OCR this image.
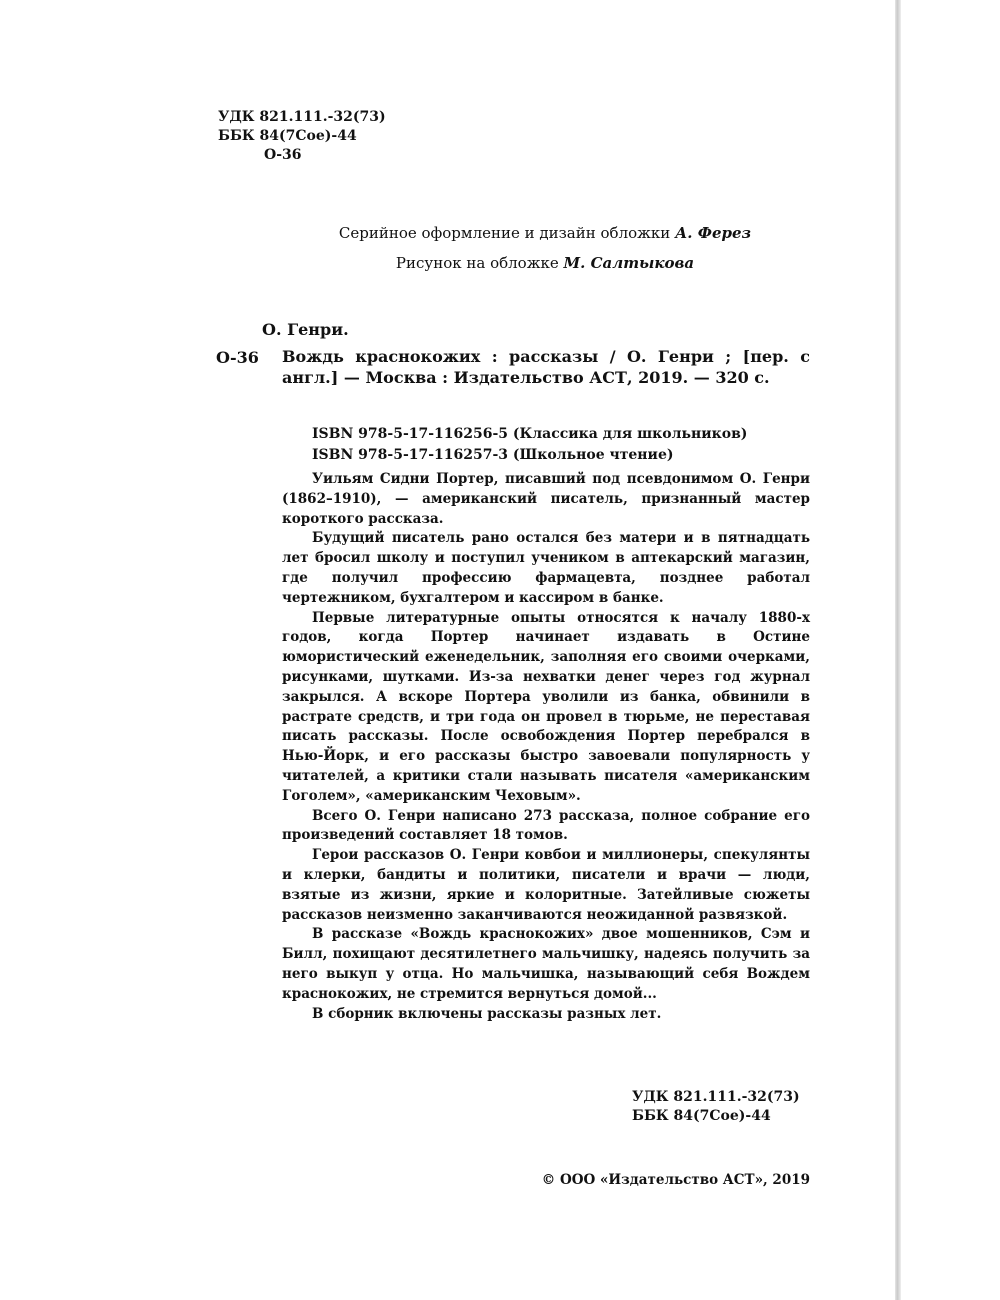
УДК 821.111.-32(73)
ББК 84(7Coe)-44
О-36
Серийное оформление и дизайн обложки А. Ферез
Рисунок на обложке М. Салтыкова
О. Генри.
О-36 Вождь краснокожих : рассказы / О. Генри ; [пер. с англ.] — Москва : Издательство АСТ, 2019. — 320 с.
ISBN 978-5-17-116256-5 (Классика для школьников)
ISBN 978-5-17-116257-3 (Школьное чтение)

Уильям Сидни Портер, писавший под псевдонимом О. Генри (1862–1910), — американский писатель, признанный мастер короткого рассказа.

Будущий писатель рано остался без матери и в пятнадцать лет бросил школу и поступил учеником в аптекарский магазин, где получил профессию фармацевта, позднее работал чертежником, бухгалтером и кассиром в банке.

Первые литературные опыты относятся к началу 1880-х годов, когда Портер начинает издавать в Остине юмористический еженедельник, заполняя его своими очерками, рисунками, шутками. Из-за нехватки денег через год журнал закрылся. А вскоре Портера уволили из банка, обвинили в растрате средств, и три года он провел в тюрьме, не переставая писать рассказы. После освобождения Портер перебрался в Нью-Йорк, и его рассказы быстро завоевали популярность у читателей, а критики стали называть писателя «американским Гоголем», «американским Чеховым».

Всего О. Генри написано 273 рассказа, полное собрание его произведений составляет 18 томов.

Герои рассказов О. Генри ковбои и миллионеры, спекулянты и клерки, бандиты и политики, писатели и врачи — люди, взятые из жизни, яркие и колоритные. Затейливые сюжеты рассказов неизменно заканчиваются неожиданной развязкой.

В рассказе «Вождь краснокожих» двое мошенников, Сэм и Билл, похищают десятилетнего мальчишку, надеясь получить за него выкуп у отца. Но мальчишка, называющий себя Вождем краснокожих, не стремится вернуться домой...

В сборник включены рассказы разных лет.

УДК 821.111.-32(73)
ББК 84(7Coe)-44
© ООО «Издательство АСТ», 2019
